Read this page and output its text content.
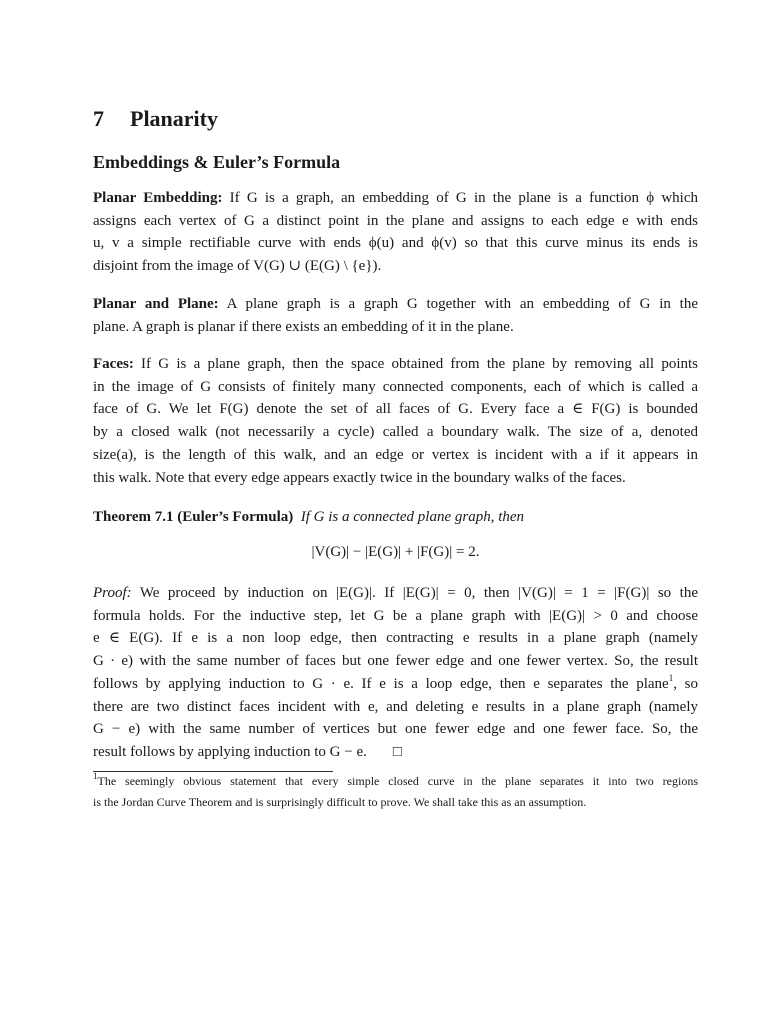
7 Planarity
Embeddings & Euler’s Formula

Planar Embedding: If G is a graph, an embedding of G in the plane is a function ϕ which
assigns each vertex of G a distinct point in the plane and assigns to each edge e with ends
u, v a simple rectifiable curve with ends ϕ(u) and ϕ(v) so that this curve minus its ends is
disjoint from the image of V(G) ∪ (E(G) \ {e}).

Planar and Plane: A plane graph is a graph G together with an embedding of G in the
plane. A graph is planar if there exists an embedding of it in the plane.

Faces: If G is a plane graph, then the space obtained from the plane by removing all points
in the image of G consists of finitely many connected components, each of which is called a
face of G. We let F(G) denote the set of all faces of G. Every face a ∈ F(G) is bounded
by a closed walk (not necessarily a cycle) called a boundary walk. The size of a, denoted
size(a), is the length of this walk, and an edge or vertex is incident with a if it appears in
this walk. Note that every edge appears exactly twice in the boundary walks of the faces.

Theorem 7.1 (Euler’s Formula) If G is a connected plane graph, then

|V(G)| − |E(G)| + |F(G)| = 2.

Proof: We proceed by induction on |E(G)|. If |E(G)| = 0, then |V(G)| = 1 = |F(G)| so the
formula holds. For the inductive step, let G be a plane graph with |E(G)| > 0 and choose
e ∈ E(G). If e is a non loop edge, then contracting e results in a plane graph (namely
G · e) with the same number of faces but one fewer edge and one fewer vertex. So, the result
follows by applying induction to G · e. If e is a loop edge, then e separates the plane$^1$, so
there are two distinct faces incident with e, and deleting e results in a plane graph (namely
G − e) with the same number of vertices but one fewer edge and one fewer face. So, the
result follows by applying induction to G − e. □

$^1$The seemingly obvious statement that every simple closed curve in the plane separates it into two regions
is the Jordan Curve Theorem and is surprisingly difficult to prove. We shall take this as an assumption.
